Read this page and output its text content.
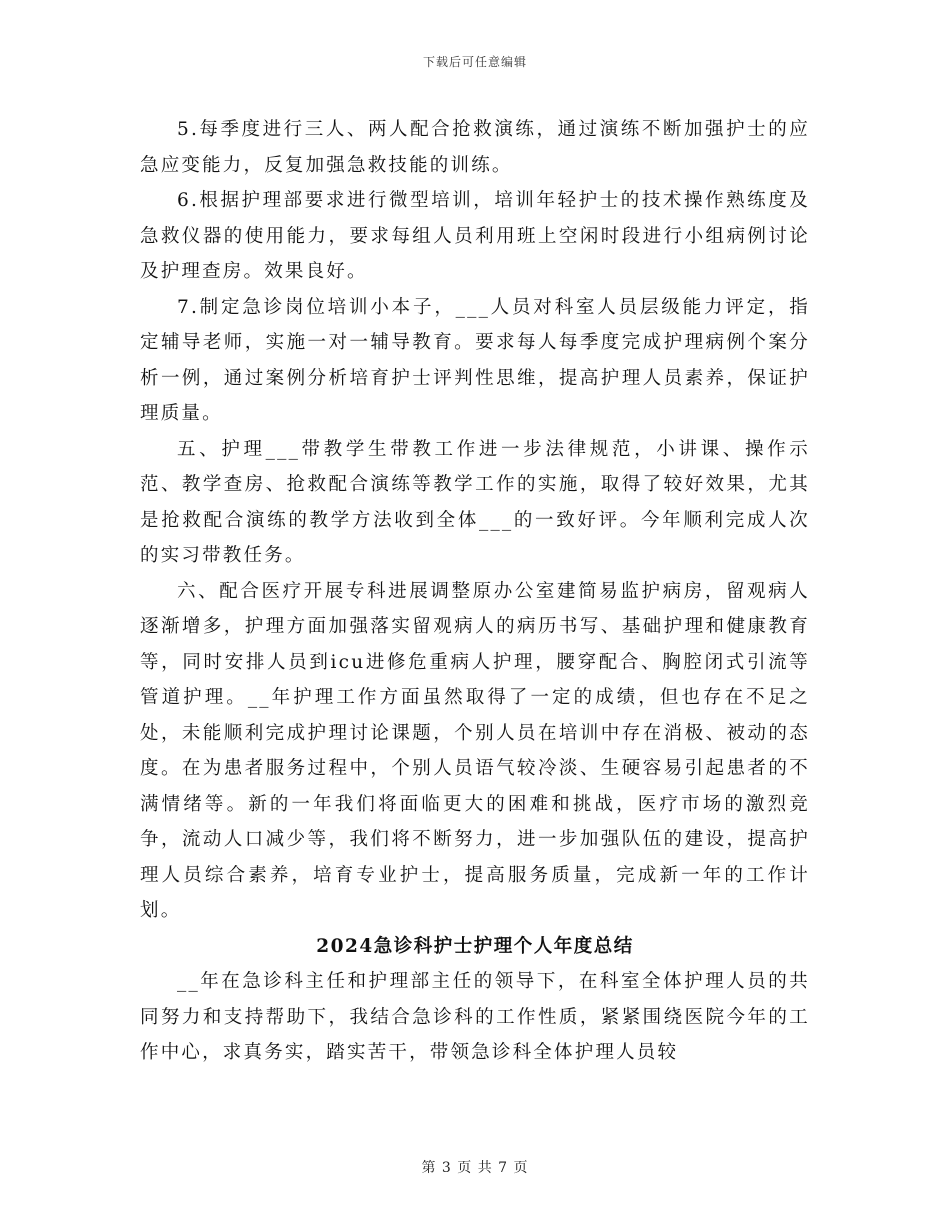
下载后可任意编辑

5.每季度进行三人、两人配合抢救演练，通过演练不断加强护士的应急应变能力，反复加强急救技能的训练。

6.根据护理部要求进行微型培训，培训年轻护士的技术操作熟练度及急救仪器的使用能力，要求每组人员利用班上空闲时段进行小组病例讨论及护理查房。效果良好。

7.制定急诊岗位培训小本子，___人员对科室人员层级能力评定，指定辅导老师，实施一对一辅导教育。要求每人每季度完成护理病例个案分析一例，通过案例分析培育护士评判性思维，提高护理人员素养，保证护理质量。

五、护理___带教学生带教工作进一步法律规范，小讲课、操作示范、教学查房、抢救配合演练等教学工作的实施，取得了较好效果，尤其是抢救配合演练的教学方法收到全体___的一致好评。今年顺利完成人次的实习带教任务。

六、配合医疗开展专科进展调整原办公室建简易监护病房，留观病人逐渐增多，护理方面加强落实留观病人的病历书写、基础护理和健康教育等，同时安排人员到icu进修危重病人护理，腰穿配合、胸腔闭式引流等管道护理。__年护理工作方面虽然取得了一定的成绩，但也存在不足之处，未能顺利完成护理讨论课题，个别人员在培训中存在消极、被动的态度。在为患者服务过程中，个别人员语气较冷淡、生硬容易引起患者的不满情绪等。新的一年我们将面临更大的困难和挑战，医疗市场的激烈竞争，流动人口减少等，我们将不断努力，进一步加强队伍的建设，提高护理人员综合素养，培育专业护士，提高服务质量，完成新一年的工作计划。

2024急诊科护士护理个人年度总结

__年在急诊科主任和护理部主任的领导下，在科室全体护理人员的共同努力和支持帮助下，我结合急诊科的工作性质，紧紧围绕医院今年的工作中心，求真务实，踏实苦干，带领急诊科全体护理人员较

第 3 页 共 7 页
